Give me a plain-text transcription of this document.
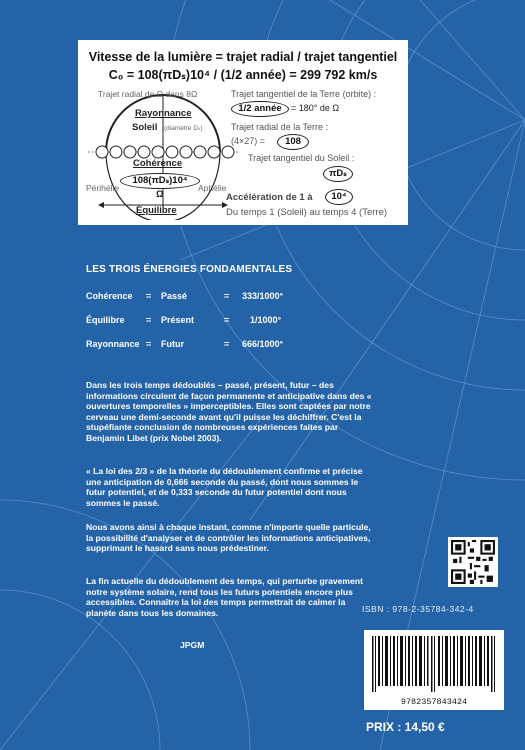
Vitesse de la lumière = trajet radial / trajet tangentiel
C₀ = 108(πDₛ)10⁴ / (1/2 année) = 299 792 km/s
Trajet radial de Ω dans 8Ω
Rayonnance
Soleil (diamètre Dₛ)
Cohérence
108(πDₛ)10⁴
Ω
Périhélie	Aphélie
Équilibre
Trajet tangentiel de la Terre (orbite) :
1/2 année	= 180° de Ω
Trajet radial de la Terre :
(4×27) =	108
Trajet tangentiel du Soleil :
πDₛ
Accélération de 1 à	10⁴
Du temps 1 (Soleil) au temps 4 (Terre)
LES TROIS ÉNERGIES FONDAMENTALES
Cohérence = Passé	= 333/1000°
Équilibre = Présent	= 1/1000°
Rayonnance = Futur	= 666/1000°

Dans les trois temps dédoublés – passé, présent, futur – des informations circulent de façon permanente et anticipative dans des « ouvertures temporelles » imperceptibles. Elles sont captées par notre cerveau une demi-seconde avant qu'il puisse les déchiffrer. C'est la stupéfiante conclusion de nombreuses expériences faites par Benjamin Libet (prix Nobel 2003).

« La loi des 2/3 » de la théorie du dédoublement confirme et précise une anticipation de 0,666 seconde du passé, dont nous sommes le futur potentiel, et de 0,333 seconde du futur potentiel dont nous sommes le passé.

Nous avons ainsi à chaque instant, comme n'importe quelle particule, la possibilité d'analyser et de contrôler les informations anticipatives, supprimant le hasard sans nous prédestiner.

La fin actuelle du dédoublement des temps, qui perturbe gravement notre système solaire, rend tous les futurs potentiels encore plus accessibles. Connaître la loi des temps permettrait de calmer la planète dans tous les domaines.

JPGM
ISBN : 978-2-35784-342-4
9782357843424
PRIX : 14,50 €
